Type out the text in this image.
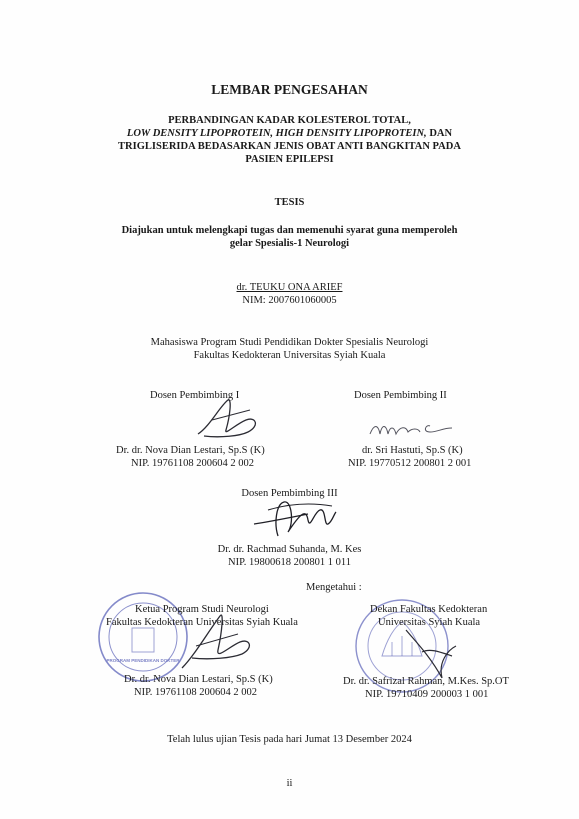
LEMBAR PENGESAHAN
PERBANDINGAN KADAR KOLESTEROL TOTAL,
LOW DENSITY LIPOPROTEIN, HIGH DENSITY LIPOPROTEIN, DAN
TRIGLISERIDA BEDASARKAN JENIS OBAT ANTI BANGKITAN PADA
PASIEN EPILEPSI
TESIS
Diajukan untuk melengkapi tugas dan memenuhi syarat guna memperoleh
gelar Spesialis-1 Neurologi
dr. TEUKU ONA ARIEF
NIM: 2007601060005
Mahasiswa Program Studi Pendidikan Dokter Spesialis Neurologi
Fakultas Kedokteran Universitas Syiah Kuala
Dosen Pembimbing I
Dr. dr. Nova Dian Lestari, Sp.S (K)
NIP. 19761108 200604 2 002
Dosen Pembimbing II
dr. Sri Hastuti, Sp.S (K)
NIP. 19770512 200801 2 001
Dosen Pembimbing III
Dr. dr. Rachmad Suhanda, M. Kes
NIP. 19800618 200801 1 011
Mengetahui :
PROGRAM PENDIDIKAN DOKTER
Ketua Program Studi Neurologi
Fakultas Kedokteran Universitas Syiah Kuala
Dr. dr. Nova Dian Lestari, Sp.S (K)
NIP. 19761108 200604 2 002
Dekan Fakultas Kedokteran
Universitas Syiah Kuala
Dr. dr. Safrizal Rahman, M.Kes. Sp.OT
NIP. 19710409 200003 1 001
Telah lulus ujian Tesis pada hari Jumat 13 Desember 2024
ii
